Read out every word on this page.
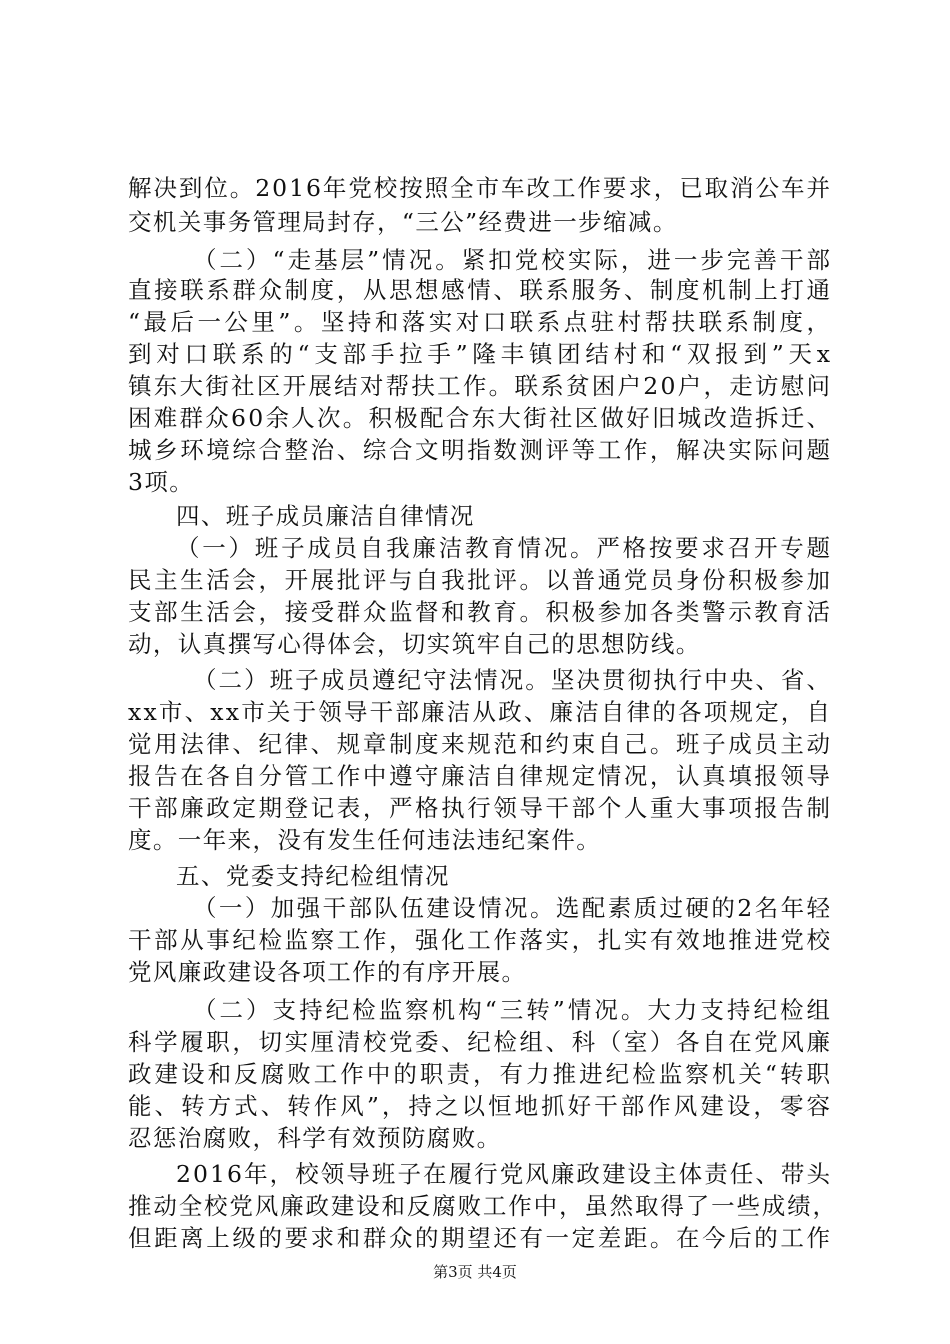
解决到位。2016年党校按照全市车改工作要求，已取消公车并
交机关事务管理局封存，“三公”经费进一步缩减。
（二）“走基层”情况。紧扣党校实际，进一步完善干部
直接联系群众制度，从思想感情、联系服务、制度机制上打通
“最后一公里”。坚持和落实对口联系点驻村帮扶联系制度，
到对口联系的“支部手拉手”隆丰镇团结村和“双报到”天x
镇东大街社区开展结对帮扶工作。联系贫困户20户，走访慰问
困难群众60余人次。积极配合东大街社区做好旧城改造拆迁、
城乡环境综合整治、综合文明指数测评等工作，解决实际问题
3项。
四、班子成员廉洁自律情况
（一）班子成员自我廉洁教育情况。严格按要求召开专题
民主生活会，开展批评与自我批评。以普通党员身份积极参加
支部生活会，接受群众监督和教育。积极参加各类警示教育活
动，认真撰写心得体会，切实筑牢自己的思想防线。
（二）班子成员遵纪守法情况。坚决贯彻执行中央、省、
xx市、xx市关于领导干部廉洁从政、廉洁自律的各项规定，自
觉用法律、纪律、规章制度来规范和约束自己。班子成员主动
报告在各自分管工作中遵守廉洁自律规定情况，认真填报领导
干部廉政定期登记表，严格执行领导干部个人重大事项报告制
度。一年来，没有发生任何违法违纪案件。
五、党委支持纪检组情况
（一）加强干部队伍建设情况。选配素质过硬的2名年轻
干部从事纪检监察工作，强化工作落实，扎实有效地推进党校
党风廉政建设各项工作的有序开展。
（二）支持纪检监察机构“三转”情况。大力支持纪检组
科学履职，切实厘清校党委、纪检组、科（室）各自在党风廉
政建设和反腐败工作中的职责，有力推进纪检监察机关“转职
能、转方式、转作风”，持之以恒地抓好干部作风建设，零容
忍惩治腐败，科学有效预防腐败。
2016年，校领导班子在履行党风廉政建设主体责任、带头
推动全校党风廉政建设和反腐败工作中，虽然取得了一些成绩，
但距离上级的要求和群众的期望还有一定差距。在今后的工作
第3页 共4页
